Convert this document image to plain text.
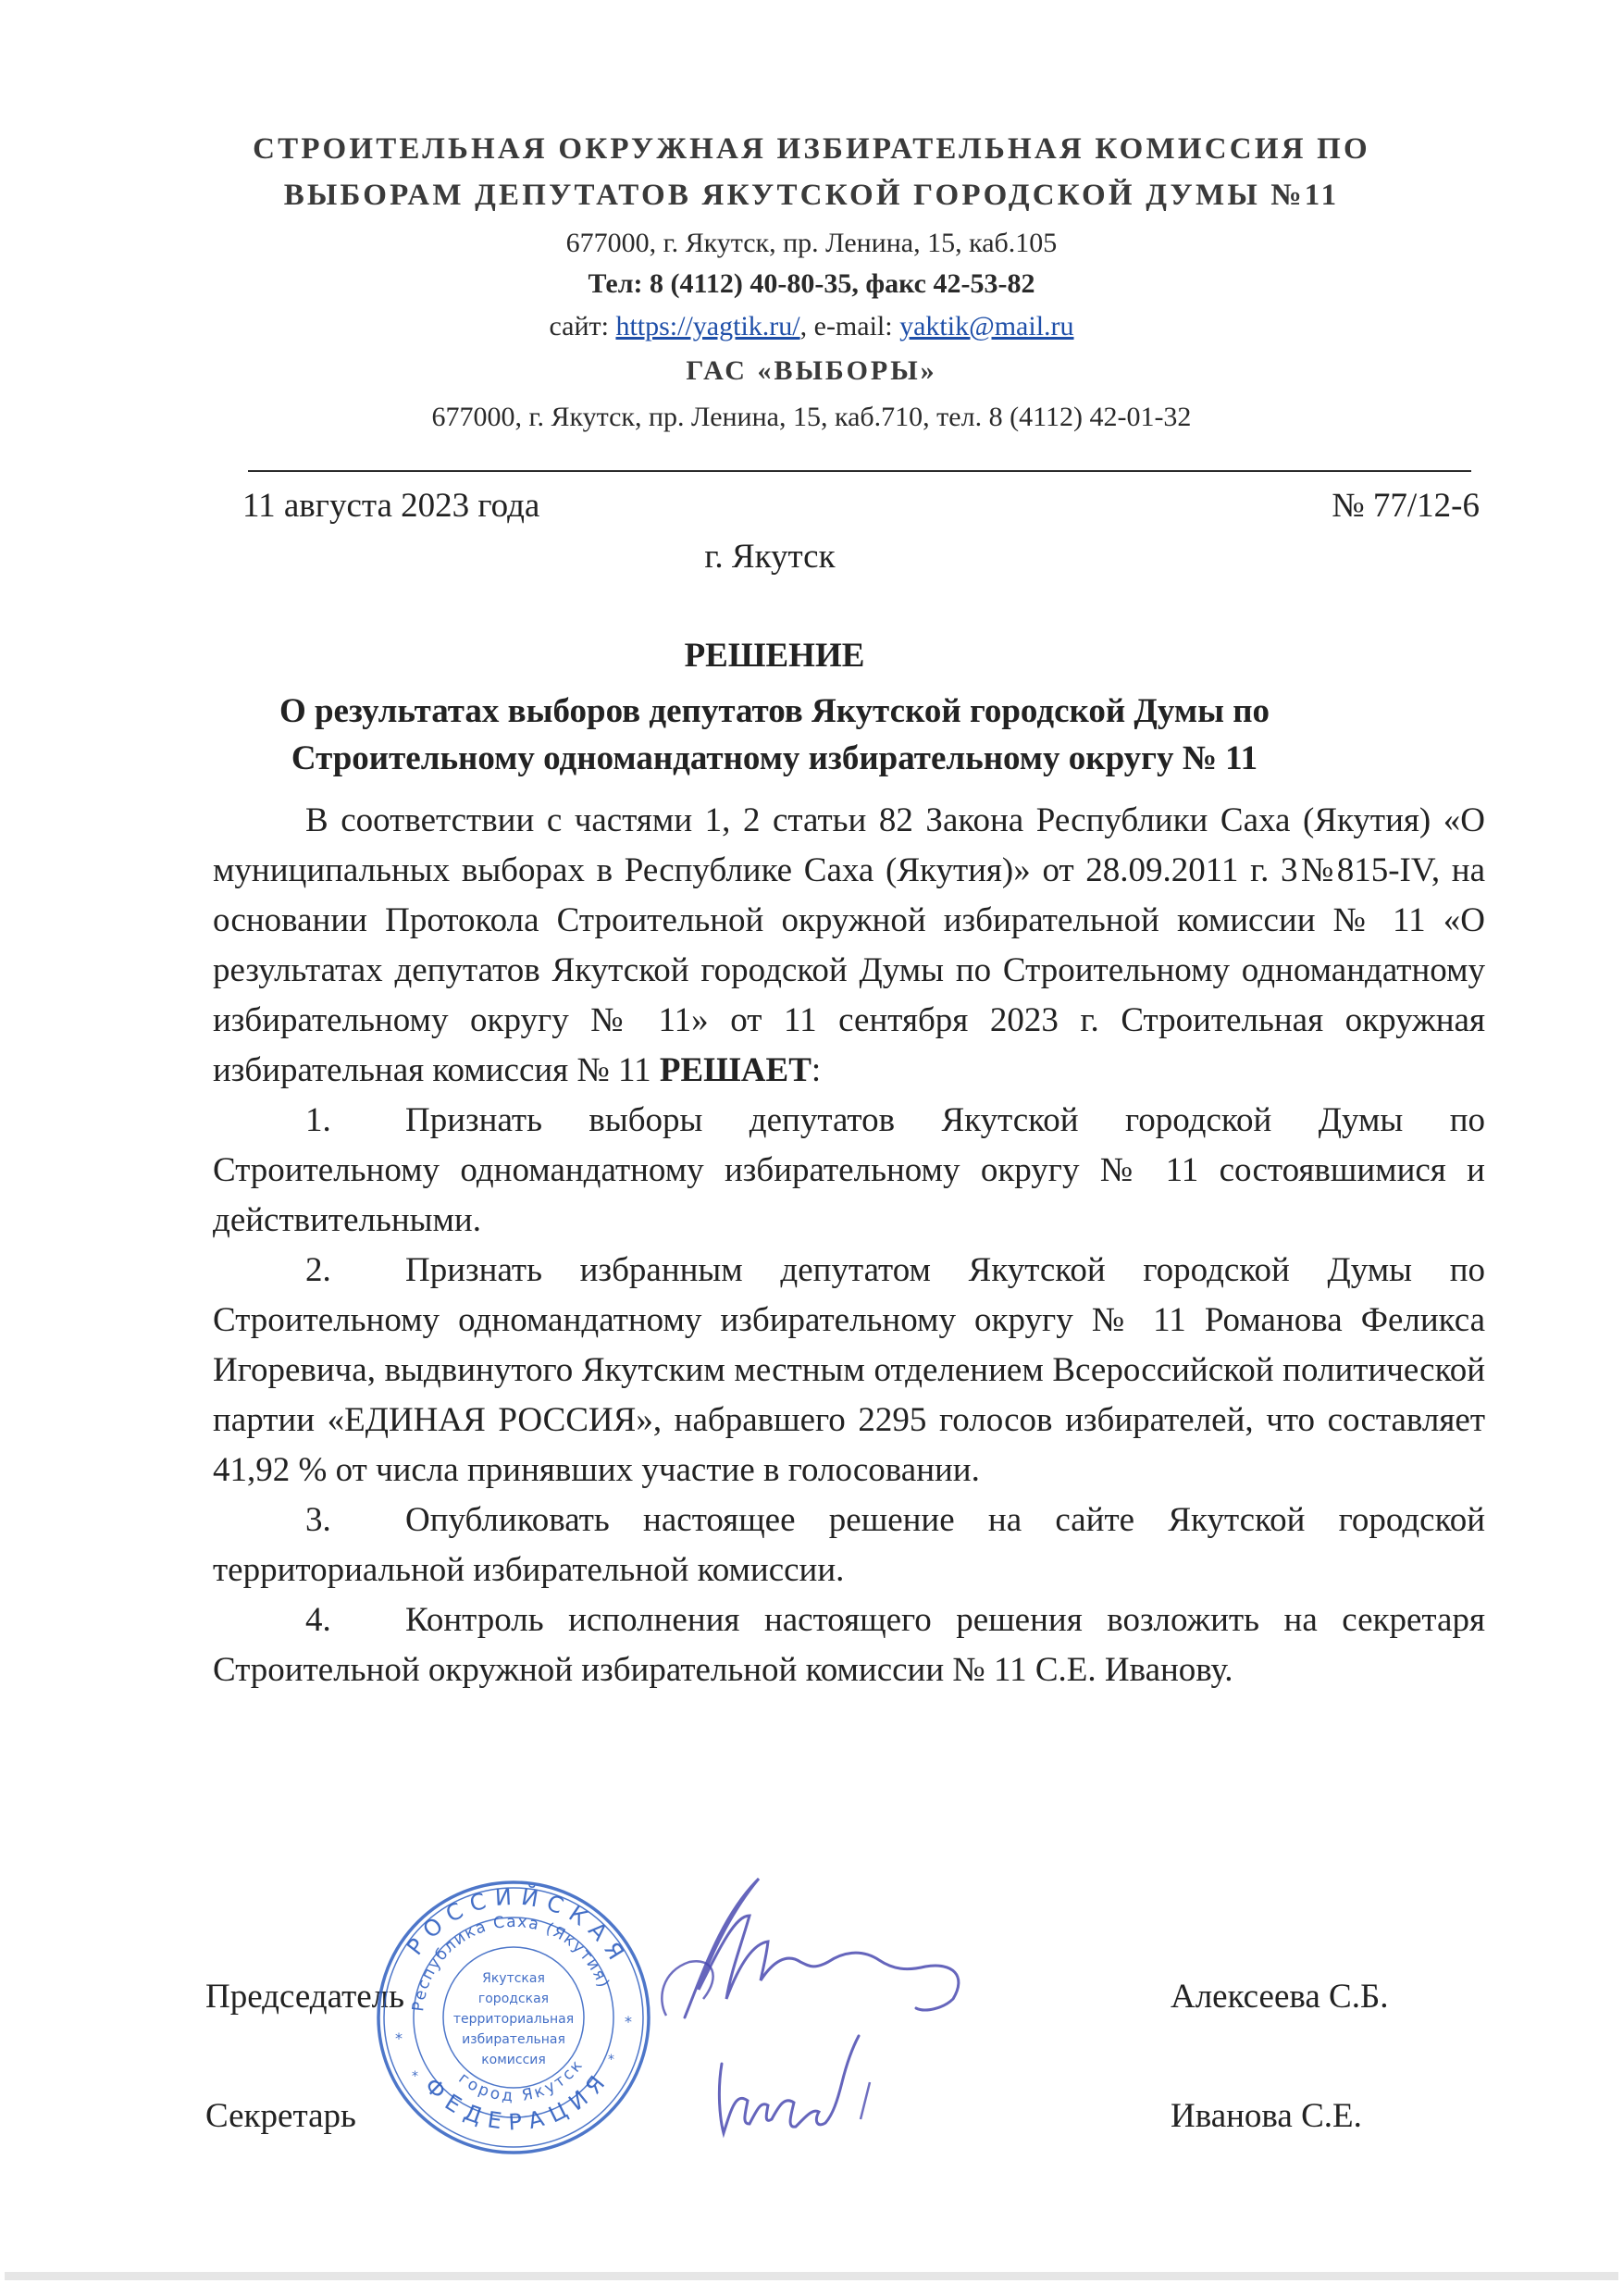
СТРОИТЕЛЬНАЯ ОКРУЖНАЯ ИЗБИРАТЕЛЬНАЯ КОМИССИЯ ПО
ВЫБОРАМ ДЕПУТАТОВ ЯКУТСКОЙ ГОРОДСКОЙ ДУМЫ №11
677000, г. Якутск, пр. Ленина, 15, каб.105
Тел: 8 (4112) 40-80-35, факс 42-53-82
сайт: https://yagtik.ru/, e-mail: yaktik@mail.ru
ГАС «ВЫБОРЫ»
677000, г. Якутск, пр. Ленина, 15, каб.710, тел. 8 (4112) 42-01-32
11 августа 2023 года	№ 77/12-6
г. Якутск
РЕШЕНИЕ
О результатах выборов депутатов Якутской городской Думы по
Строительному одномандатному избирательному округу № 11

В соответствии с частями 1, 2 статьи 82 Закона Республики Саха (Якутия) «О муниципальных выборах в Республике Саха (Якутия)» от 28.09.2011 г. 3№815-IV, на основании Протокола Строительной окружной избирательной комиссии № 11 «О результатах депутатов Якутской городской Думы по Строительному одномандатному избирательному округу № 11» от 11 сентября 2023 г. Строительная окружная избирательная комиссия № 11 РЕШАЕТ:

1. Признать выборы депутатов Якутской городской Думы по Строительному одномандатному избирательному округу № 11 состоявшимися и действительными.

2. Признать избранным депутатом Якутской городской Думы по Строительному одномандатному избирательному округу № 11 Романова Феликса Игоревича, выдвинутого Якутским местным отделением Всероссийской политической партии «ЕДИНАЯ РОССИЯ», набравшего 2295 голосов избирателей, что составляет 41,92 % от числа принявших участие в голосовании.

3. Опубликовать настоящее решение на сайте Якутской городской территориальной избирательной комиссии.

4. Контроль исполнения настоящего решения возложить на секретаря Строительной окружной избирательной комиссии № 11 С.Е. Иванову.

Председатель	Алексеева С.Б.
Секретарь	Иванова С.Е.
РОССИЙСКАЯ
ФЕДЕРАЦИЯ
Республика Саха (Якутия)
город Якутск
*
*
*
*
Якутская
городская
территориальная
избирательная
комиссия
